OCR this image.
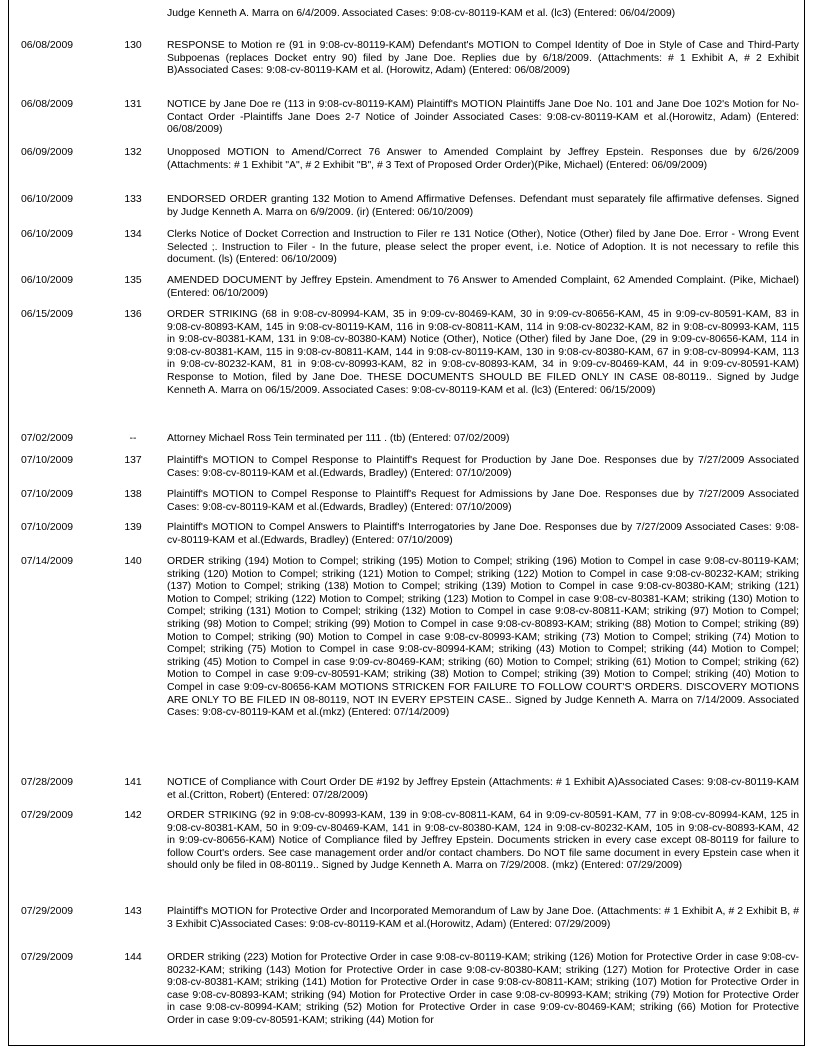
Judge Kenneth A. Marra on 6/4/2009. Associated Cases: 9:08-cv-80119-KAM et al. (lc3) (Entered: 06/04/2009)
06/08/2009	130	RESPONSE to Motion re (91 in 9:08-cv-80119-KAM) Defendant's MOTION to Compel Identity of Doe in Style of Case and Third-Party Subpoenas (replaces Docket entry 90) filed by Jane Doe. Replies due by 6/18/2009. (Attachments: # 1 Exhibit A, # 2 Exhibit B)Associated Cases: 9:08-cv-80119-KAM et al. (Horowitz, Adam) (Entered: 06/08/2009)
06/08/2009	131	NOTICE by Jane Doe re (113 in 9:08-cv-80119-KAM) Plaintiff's MOTION Plaintiffs Jane Doe No. 101 and Jane Doe 102's Motion for No-Contact Order -Plaintiffs Jane Does 2-7 Notice of Joinder Associated Cases: 9:08-cv-80119-KAM et al.(Horowitz, Adam) (Entered: 06/08/2009)
06/09/2009	132	Unopposed MOTION to Amend/Correct 76 Answer to Amended Complaint by Jeffrey Epstein. Responses due by 6/26/2009 (Attachments: # 1 Exhibit "A", # 2 Exhibit "B", # 3 Text of Proposed Order Order)(Pike, Michael) (Entered: 06/09/2009)
06/10/2009	133	ENDORSED ORDER granting 132 Motion to Amend Affirmative Defenses. Defendant must separately file affirmative defenses. Signed by Judge Kenneth A. Marra on 6/9/2009. (ir) (Entered: 06/10/2009)
06/10/2009	134	Clerks Notice of Docket Correction and Instruction to Filer re 131 Notice (Other), Notice (Other) filed by Jane Doe. Error - Wrong Event Selected ;. Instruction to Filer - In the future, please select the proper event, i.e. Notice of Adoption. It is not necessary to refile this document. (ls) (Entered: 06/10/2009)
06/10/2009	135	AMENDED DOCUMENT by Jeffrey Epstein. Amendment to 76 Answer to Amended Complaint, 62 Amended Complaint. (Pike, Michael) (Entered: 06/10/2009)
06/15/2009	136	ORDER STRIKING (68 in 9:08-cv-80994-KAM, 35 in 9:09-cv-80469-KAM, 30 in 9:09-cv-80656-KAM, 45 in 9:09-cv-80591-KAM, 83 in 9:08-cv-80893-KAM, 145 in 9:08-cv-80119-KAM, 116 in 9:08-cv-80811-KAM, 114 in 9:08-cv-80232-KAM, 82 in 9:08-cv-80993-KAM, 115 in 9:08-cv-80381-KAM, 131 in 9:08-cv-80380-KAM) Notice (Other), Notice (Other) filed by Jane Doe, (29 in 9:09-cv-80656-KAM, 114 in 9:08-cv-80381-KAM, 115 in 9:08-cv-80811-KAM, 144 in 9:08-cv-80119-KAM, 130 in 9:08-cv-80380-KAM, 67 in 9:08-cv-80994-KAM, 113 in 9:08-cv-80232-KAM, 81 in 9:08-cv-80993-KAM, 82 in 9:08-cv-80893-KAM, 34 in 9:09-cv-80469-KAM, 44 in 9:09-cv-80591-KAM) Response to Motion, filed by Jane Doe. THESE DOCUMENTS SHOULD BE FILED ONLY IN CASE 08-80119.. Signed by Judge Kenneth A. Marra on 06/15/2009. Associated Cases: 9:08-cv-80119-KAM et al. (lc3) (Entered: 06/15/2009)
07/02/2009	--	Attorney Michael Ross Tein terminated per 111 . (tb) (Entered: 07/02/2009)
07/10/2009	137	Plaintiff's MOTION to Compel Response to Plaintiff's Request for Production by Jane Doe. Responses due by 7/27/2009 Associated Cases: 9:08-cv-80119-KAM et al.(Edwards, Bradley) (Entered: 07/10/2009)
07/10/2009	138	Plaintiff's MOTION to Compel Response to Plaintiff's Request for Admissions by Jane Doe. Responses due by 7/27/2009 Associated Cases: 9:08-cv-80119-KAM et al.(Edwards, Bradley) (Entered: 07/10/2009)
07/10/2009	139	Plaintiff's MOTION to Compel Answers to Plaintiff's Interrogatories by Jane Doe. Responses due by 7/27/2009 Associated Cases: 9:08-cv-80119-KAM et al.(Edwards, Bradley) (Entered: 07/10/2009)
07/14/2009	140	ORDER striking (194) Motion to Compel; striking (195) Motion to Compel; striking (196) Motion to Compel in case 9:08-cv-80119-KAM; striking (120) Motion to Compel; striking (121) Motion to Compel; striking (122) Motion to Compel in case 9:08-cv-80232-KAM; striking (137) Motion to Compel; striking (138) Motion to Compel; striking (139) Motion to Compel in case 9:08-cv-80380-KAM; striking (121) Motion to Compel; striking (122) Motion to Compel; striking (123) Motion to Compel in case 9:08-cv-80381-KAM; striking (130) Motion to Compel; striking (131) Motion to Compel; striking (132) Motion to Compel in case 9:08-cv-80811-KAM; striking (97) Motion to Compel; striking (98) Motion to Compel; striking (99) Motion to Compel in case 9:08-cv-80893-KAM; striking (88) Motion to Compel; striking (89) Motion to Compel; striking (90) Motion to Compel in case 9:08-cv-80993-KAM; striking (73) Motion to Compel; striking (74) Motion to Compel; striking (75) Motion to Compel in case 9:08-cv-80994-KAM; striking (43) Motion to Compel; striking (44) Motion to Compel; striking (45) Motion to Compel in case 9:09-cv-80469-KAM; striking (60) Motion to Compel; striking (61) Motion to Compel; striking (62) Motion to Compel in case 9:09-cv-80591-KAM; striking (38) Motion to Compel; striking (39) Motion to Compel; striking (40) Motion to Compel in case 9:09-cv-80656-KAM MOTIONS STRICKEN FOR FAILURE TO FOLLOW COURT'S ORDERS. DISCOVERY MOTIONS ARE ONLY TO BE FILED IN 08-80119, NOT IN EVERY EPSTEIN CASE.. Signed by Judge Kenneth A. Marra on 7/14/2009. Associated Cases: 9:08-cv-80119-KAM et al.(mkz) (Entered: 07/14/2009)
07/28/2009	141	NOTICE of Compliance with Court Order DE #192 by Jeffrey Epstein (Attachments: # 1 Exhibit A)Associated Cases: 9:08-cv-80119-KAM et al.(Critton, Robert) (Entered: 07/28/2009)
07/29/2009	142	ORDER STRIKING (92 in 9:08-cv-80993-KAM, 139 in 9:08-cv-80811-KAM, 64 in 9:09-cv-80591-KAM, 77 in 9:08-cv-80994-KAM, 125 in 9:08-cv-80381-KAM, 50 in 9:09-cv-80469-KAM, 141 in 9:08-cv-80380-KAM, 124 in 9:08-cv-80232-KAM, 105 in 9:08-cv-80893-KAM, 42 in 9:09-cv-80656-KAM) Notice of Compliance filed by Jeffrey Epstein. Documents stricken in every case except 08-80119 for failure to follow Court's orders. See case management order and/or contact chambers. Do NOT file same document in every Epstein case when it should only be filed in 08-80119.. Signed by Judge Kenneth A. Marra on 7/29/2008. (mkz) (Entered: 07/29/2009)
07/29/2009	143	Plaintiff's MOTION for Protective Order and Incorporated Memorandum of Law by Jane Doe. (Attachments: # 1 Exhibit A, # 2 Exhibit B, # 3 Exhibit C)Associated Cases: 9:08-cv-80119-KAM et al.(Horowitz, Adam) (Entered: 07/29/2009)
07/29/2009	144	ORDER striking (223) Motion for Protective Order in case 9:08-cv-80119-KAM; striking (126) Motion for Protective Order in case 9:08-cv-80232-KAM; striking (143) Motion for Protective Order in case 9:08-cv-80380-KAM; striking (127) Motion for Protective Order in case 9:08-cv-80381-KAM; striking (141) Motion for Protective Order in case 9:08-cv-80811-KAM; striking (107) Motion for Protective Order in case 9:08-cv-80893-KAM; striking (94) Motion for Protective Order in case 9:08-cv-80993-KAM; striking (79) Motion for Protective Order in case 9:08-cv-80994-KAM; striking (52) Motion for Protective Order in case 9:09-cv-80469-KAM; striking (66) Motion for Protective Order in case 9:09-cv-80591-KAM; striking (44) Motion for
